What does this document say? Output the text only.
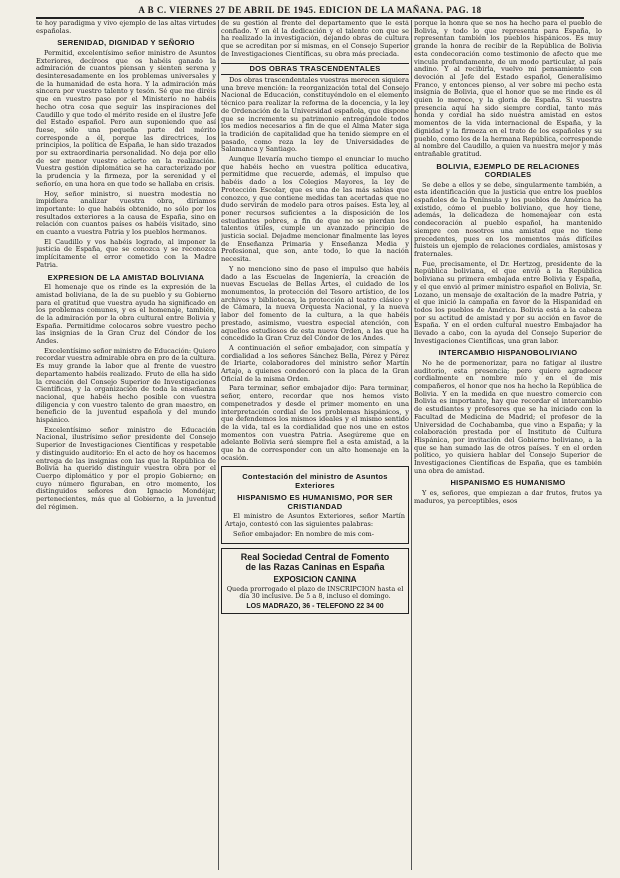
A B C. VIERNES 27 DE ABRIL DE 1945. EDICION DE LA MAÑANA. PAG. 18

te hoy paradigma y vivo ejemplo de las altas virtudes españolas.

SERENIDAD, DIGNIDAD Y SEÑORIO

Permitid, excelentísimo señor ministro de Asuntos Exteriores, decíroos que os habéis ganado la admiración de cuantos piensan y sienten serena y desinteresadamente en los problemas universales y de la humanidad de esta hora. Y la admiración más sincera por vuestro talento y tesón. Sé que me diréis que en vuestro paso por el Ministerio no habéis hecho otra cosa que seguir las inspiraciones del Caudillo y que todo el mérito reside en el ilustre Jefe del Estado español. Pero aun suponiendo que así fuese, sólo una pequeña parte del mérito corresponde a él, porque las directrices, los principios, la política de España, le han sido trazados por su extraordinaria personalidad. No deja por ello de ser menor vuestro acierto en la realización. Vuestra gestión diplomática se ha caracterizado por la prudencia y la firmeza, por la serenidad y el señorío, en una hora en que todo se hallaba en crisis.

Hoy, señor ministro, si nuestra modestia no impidiera analizar vuestra obra, diríamos importante: lo que habéis obtenido, no sólo por los resultados exteriores a la causa de España, sino en relación con cuantos países os habéis visitado, sino en cuanto a vuestra Patria y los pueblos hermanos.

El Caudillo y vos habéis logrado, al imponer la justicia de España, que se conozca y se reconozca implícitamente el error cometido con la Madre Patria.

EXPRESION DE LA AMISTAD BOLIVIANA

El homenaje que os rinde es la expresión de la amistad boliviana, de la de su pueblo y su Gobierno para el gratitud que vuestra ayuda ha significado en los problemas comunes, y es el homenaje, también, de la admiración por la obra cultural entre Bolivia y España. Permitidme colocaros sobre vuestro pecho las insignias de la Gran Cruz del Cóndor de los Andes.

Excelentísimo señor ministro de Educación: Quiero recordar vuestra admirable obra en pro de la cultura. Es muy grande la labor que al frente de vuestro departamento habéis realizado. Fruto de ella ha sido la creación del Consejo Superior de Investigaciones Científicas, y la organización de toda la enseñanza nacional, que habéis hecho posible con vuestra diligencia y con vuestro talento de gran maestro, en beneficio de la juventud española y del mundo hispánico.

Excelentísimo señor ministro de Educación Nacional, ilustrísimo señor presidente del Consejo Superior de Investigaciones Científicas y respetable y distinguido auditorio: En el acto de hoy os hacemos entrega de las insignias con las que la República de Bolivia ha querido distinguir vuestra obra por el Cuerpo diplomático y por el propio Gobierno; en cuyo número figuraban, en otro momento, los distinguidos señores don Ignacio Mondéjar, pertenecientes, más que al Gobierno, a la juventud del régimen.

de su gestión al frente del departamento que le está confiado. Y en él la dedicación y el talento con que se ha realizado la investigación, dejando obras de cultura que se acreditan por sí mismas, en el Consejo Superior de Investigaciones Científicas, su obra más preciada.

DOS OBRAS TRASCENDENTALES

Dos obras trascendentales vuestras merecen siquiera una breve mención: la reorganización total del Consejo Nacional de Educación, constituyéndolo en el elemento técnico para realizar la reforma de la docencia, y la ley de Ordenación de la Universidad española, que dispone que se incremente su patrimonio entregándole todos los medios necesarios a fin de que el Alma Mater siga la tradición de capitalidad que ha tenido siempre en el pasado, como reza la ley de Universidades de Salamanca y Santiago.

Aunque llevaría mucho tiempo el enunciar lo mucho que habéis hecho en vuestra política educativa, permitidme que recuerde, además, el impulso que habéis dado a los Colegios Mayores, la ley de Protección Escolar, que es una de las más sabias que conozco, y que contiene medidas tan acertadas que no dudo servirán de modelo para otros países. Esta ley, al poner recursos suficientes a la disposición de los estudiantes pobres, a fin de que no se pierdan los talentos útiles, cumple un avanzado principio de justicia social. Dejadme mencionar finalmente las leyes de Enseñanza Primaria y Enseñanza Media y Profesional, que son, ante todo, lo que la nación necesita.

Y no menciono sino de paso el impulso que habéis dado a las Escuelas de Ingeniería, la creación de nuevas Escuelas de Bellas Artes, el cuidado de los monumentos, la protección del Tesoro artístico, de los archivos y bibliotecas, la protección al teatro clásico y de Cámara, la nueva Orquesta Nacional, y la nueva labor del fomento de la cultura, a la que habéis prestado, asimismo, vuestra especial atención, con aquellos estudiosos de esta nueva Orden, a las que ha concedido la Gran Cruz del Cóndor de los Andes.

A continuación el señor embajador, con simpatía y cordialidad a los señores Sánchez Bella, Pérez y Pérez de Iriarte, colaboradores del ministro señor Martín Artajo, a quienes condecoró con la placa de la Gran Oficial de la misma Orden.

Para terminar, señor embajador dijo: Para terminar, señor, entero, recordar que nos hemos visto compenetrados y desde el primer momento en una interpretación cordial de los problemas hispánicos, y que defendemos los mismos ideales y el mismo sentido de la vida, tal es la cordialidad que nos une en estos momentos con vuestra Patria. Asegúreme que en adelante Bolivia será siempre fiel a esta amistad, a la que ha de corresponder con un alto homenaje en la ocasión.

Contestación del ministro de Asuntos Exteriores
HISPANISMO ES HUMANISMO, POR SER CRISTIANDAD

El ministro de Asuntos Exteriores, señor Martín Artajo, contestó con las siguientes palabras:

Señor embajador: En nombre de mis com-

Real Sociedad Central de Fomento
de las Razas Caninas en España
EXPOSICION CANINA
Queda prorrogado el plazo de INSCRIPCION hasta el día 30 inclusive. De 5 a 8, incluso el domingo.
LOS MADRAZO, 36 - TELEFONO 22 34 00

porque la honra que se nos ha hecho para el pueblo de Bolivia, y todo lo que representa para España, lo representan también los pueblos hispánicos. Es muy grande la honra de recibir de la República de Bolivia esta condecoración como testimonio de afecto que me vincula profundamente, de un modo particular, al país andino. Y al recibirla, vuelvo mi pensamiento con devoción al Jefe del Estado español, Generalísimo Franco, y entonces pienso, al ver sobre mi pecho esta insignia de Bolivia, que el honor que se me rinde es él quien lo merece, y la gloria de España. Si vuestra presencia aquí ha sido siempre cordial, tanto más honda y cordial ha sido nuestra amistad en estos momentos de la vida internacional de España, y la dignidad y la firmeza en el trato de los españoles y su pueblo, como los de la hermana República, corresponde al nombre del Caudillo, a quien va nuestra mejor y más entrañable gratitud.

BOLIVIA, EJEMPLO DE RELACIONES CORDIALES

Se debe a ellos y se debe, singularmente también, a esta identificación que la justicia que entre los pueblos españoles de la Península y los pueblos de América ha existido, cómo el pueblo boliviano, que hoy tiene, además, la delicadeza de homenajear con esta condecoración al pueblo español, ha mantenido siempre con nosotros una amistad que no tiene precedentes, pues en los momentos más difíciles fuisteis un ejemplo de relaciones cordiales, amistosas y fraternales.

Fue, precisamente, el Dr. Hertzog, presidente de la República boliviana, el que envió a la República boliviana su primera embajada entre Bolivia y España, y el que envió al primer ministro español en Bolivia, Sr. Lozano, un mensaje de exaltación de la madre Patria, y el que inició la campaña en favor de la Hispanidad en todos los pueblos de América. Bolivia está a la cabeza por su actitud de amistad y por su acción en favor de España. Y en el orden cultural nuestro Embajador ha llevado a cabo, con la ayuda del Consejo Superior de Investigaciones Científicas, una gran labor.

INTERCAMBIO HISPANOBOLIVIANO

No he de pormenorizar, para no fatigar al ilustre auditorio, esta presencia; pero quiero agradecer cordialmente en nombre mío y en el de mis compañeros, el honor que nos ha hecho la República de Bolivia. Y en la medida en que nuestro comercio con Bolivia es importante, hay que recordar el intercambio de estudiantes y profesores que se ha iniciado con la Facultad de Medicina de Madrid; el profesor de la Universidad de Cochabamba, que vino a España; y la colaboración prestada por el Instituto de Cultura Hispánica, por invitación del Gobierno boliviano, a la que se han sumado las de otros países. Y en el orden político, yo quisiera hablar del Consejo Superior de Investigaciones Científicas de España, que es también una obra de amistad.

HISPANISMO ES HUMANISMO

Y es, señores, que empiezan a dar frutos, frutos ya maduros, ya perceptibles, esos
